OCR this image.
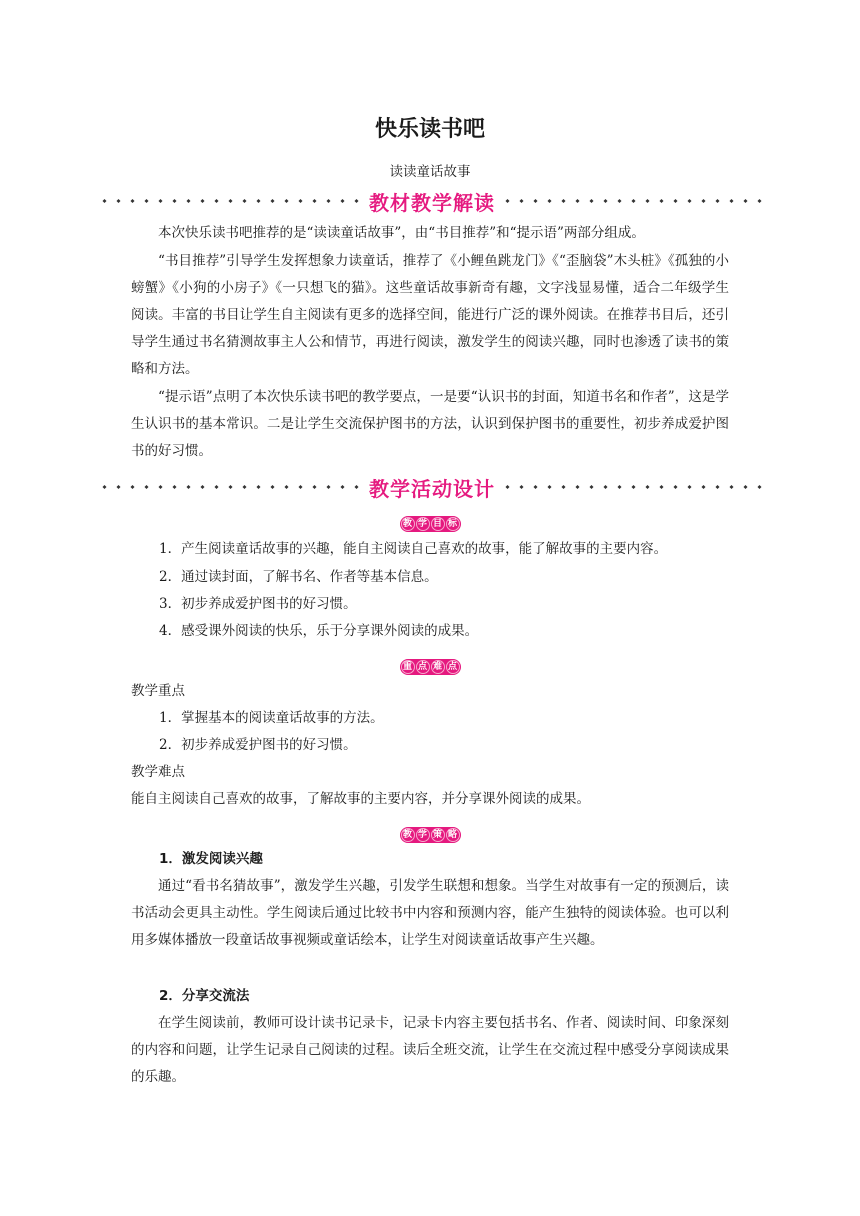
快乐读书吧
读读童话故事
教材教学解读

本次快乐读书吧推荐的是“读读童话故事”，由“书目推荐”和“提示语”两部分组成。

“书目推荐”引导学生发挥想象力读童话，推荐了《小鲤鱼跳龙门》《“歪脑袋”木头桩》《孤独的小螃蟹》《小狗的小房子》《一只想飞的猫》。这些童话故事新奇有趣，文字浅显易懂，适合二年级学生阅读。丰富的书目让学生自主阅读有更多的选择空间，能进行广泛的课外阅读。在推荐书目后，还引导学生通过书名猜测故事主人公和情节，再进行阅读，激发学生的阅读兴趣，同时也渗透了读书的策略和方法。

“提示语”点明了本次快乐读书吧的教学要点，一是要“认识书的封面，知道书名和作者”，这是学生认识书的基本常识。二是让学生交流保护图书的方法，认识到保护图书的重要性，初步养成爱护图书的好习惯。

教学活动设计
教 学 目 标

1．产生阅读童话故事的兴趣，能自主阅读自己喜欢的故事，能了解故事的主要内容。

2．通过读封面，了解书名、作者等基本信息。

3．初步养成爱护图书的好习惯。

4．感受课外阅读的快乐，乐于分享课外阅读的成果。

重 点 难 点

教学重点

1．掌握基本的阅读童话故事的方法。

2．初步养成爱护图书的好习惯。

教学难点

能自主阅读自己喜欢的故事，了解故事的主要内容，并分享课外阅读的成果。

教 学 策 略

1．激发阅读兴趣

通过“看书名猜故事”，激发学生兴趣，引发学生联想和想象。当学生对故事有一定的预测后，读书活动会更具主动性。学生阅读后通过比较书中内容和预测内容，能产生独特的阅读体验。也可以利用多媒体播放一段童话故事视频或童话绘本，让学生对阅读童话故事产生兴趣。

2．分享交流法

在学生阅读前，教师可设计读书记录卡，记录卡内容主要包括书名、作者、阅读时间、印象深刻的内容和问题，让学生记录自己阅读的过程。读后全班交流，让学生在交流过程中感受分享阅读成果的乐趣。
